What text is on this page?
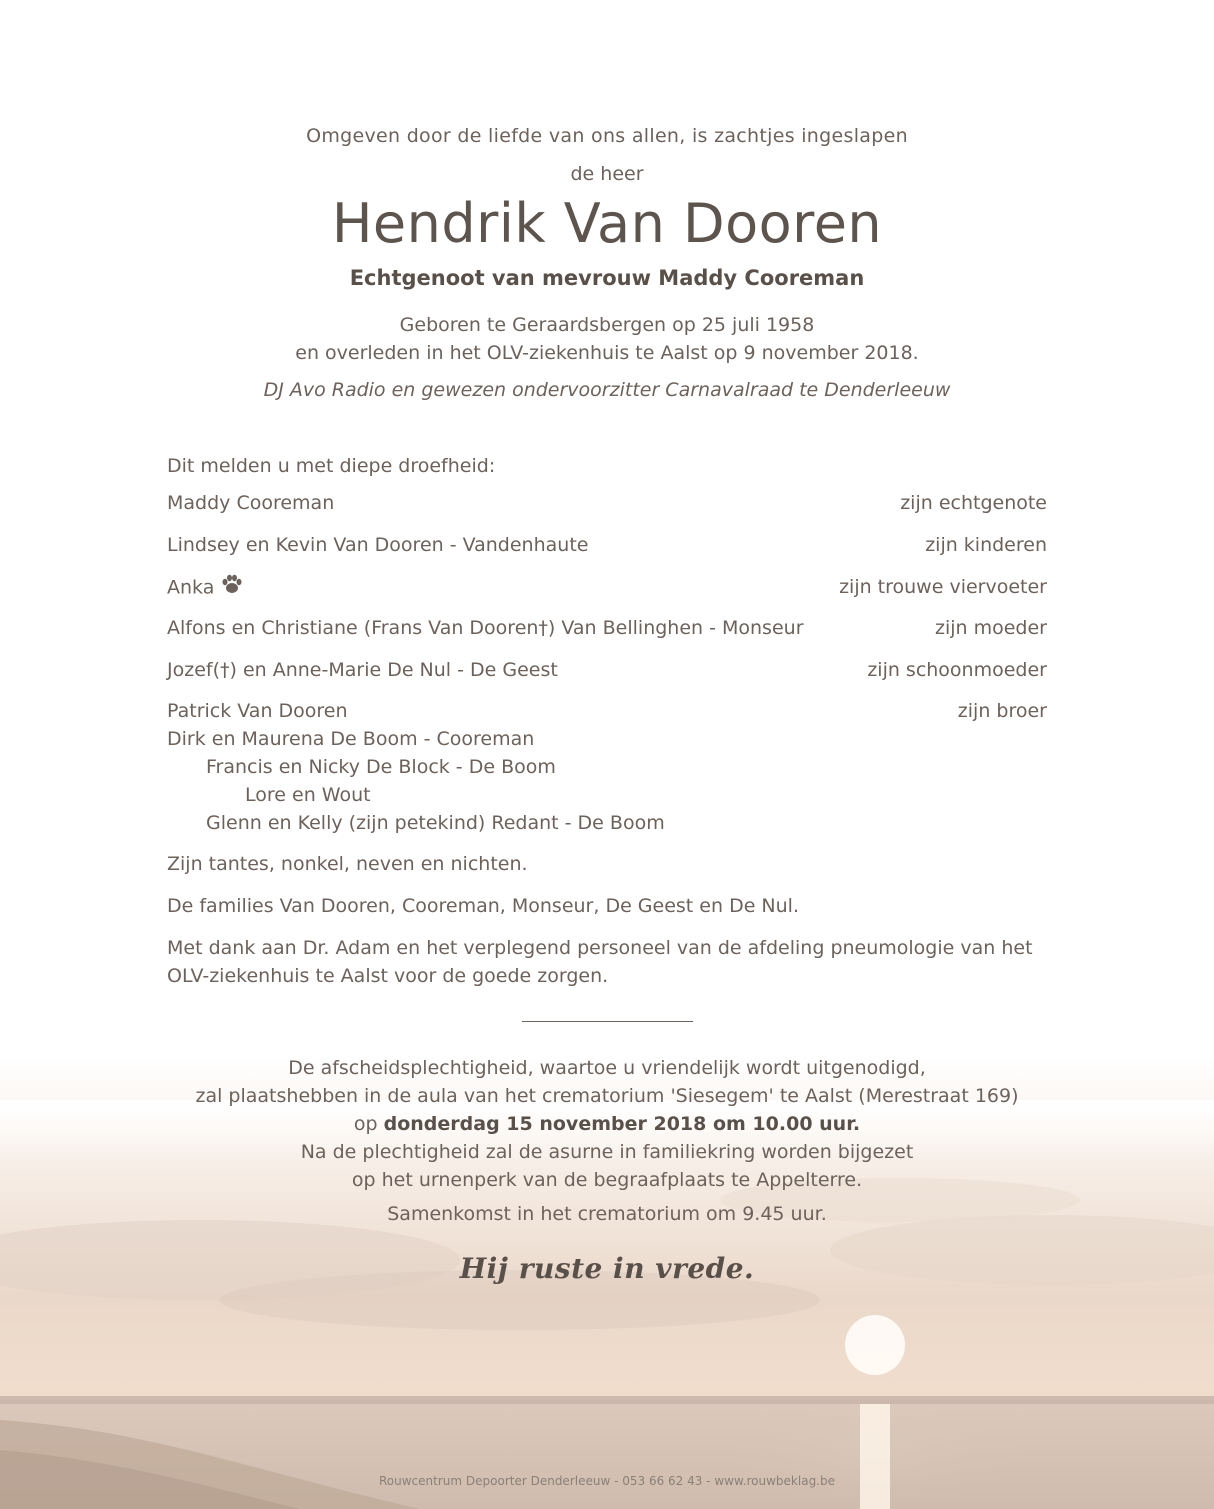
Omgeven door de liefde van ons allen, is zachtjes ingeslapen
de heer
Hendrik Van Dooren
Echtgenoot van mevrouw Maddy Cooreman
Geboren te Geraardsbergen op 25 juli 1958
en overleden in het OLV-ziekenhuis te Aalst op 9 november 2018.
DJ Avo Radio en gewezen ondervoorzitter Carnavalraad te Denderleeuw
Dit melden u met diepe droefheid:
Maddy Cooreman	zijn echtgenote
Lindsey en Kevin Van Dooren - Vandenhaute	zijn kinderen
Anka	zijn trouwe viervoeter
Alfons en Christiane (Frans Van Dooren†) Van Bellinghen - Monseur	zijn moeder
Jozef(†) en Anne-Marie De Nul - De Geest	zijn schoonmoeder
Patrick Van Dooren	zijn broer
Dirk en Maurena De Boom - Cooreman
Francis en Nicky De Block - De Boom
Lore en Wout
Glenn en Kelly (zijn petekind) Redant - De Boom
Zijn tantes, nonkel, neven en nichten.
De families Van Dooren, Cooreman, Monseur, De Geest en De Nul.
Met dank aan Dr. Adam en het verplegend personeel van de afdeling pneumologie van het OLV-ziekenhuis te Aalst voor de goede zorgen.
De afscheidsplechtigheid, waartoe u vriendelijk wordt uitgenodigd,
zal plaatshebben in de aula van het crematorium 'Siesegem' te Aalst (Merestraat 169)
op donderdag 15 november 2018 om 10.00 uur.
Na de plechtigheid zal de asurne in familiekring worden bijgezet
op het urnenperk van de begraafplaats te Appelterre.
Samenkomst in het crematorium om 9.45 uur.
Hij ruste in vrede.
Rouwcentrum Depoorter Denderleeuw - 053 66 62 43 - www.rouwbeklag.be
